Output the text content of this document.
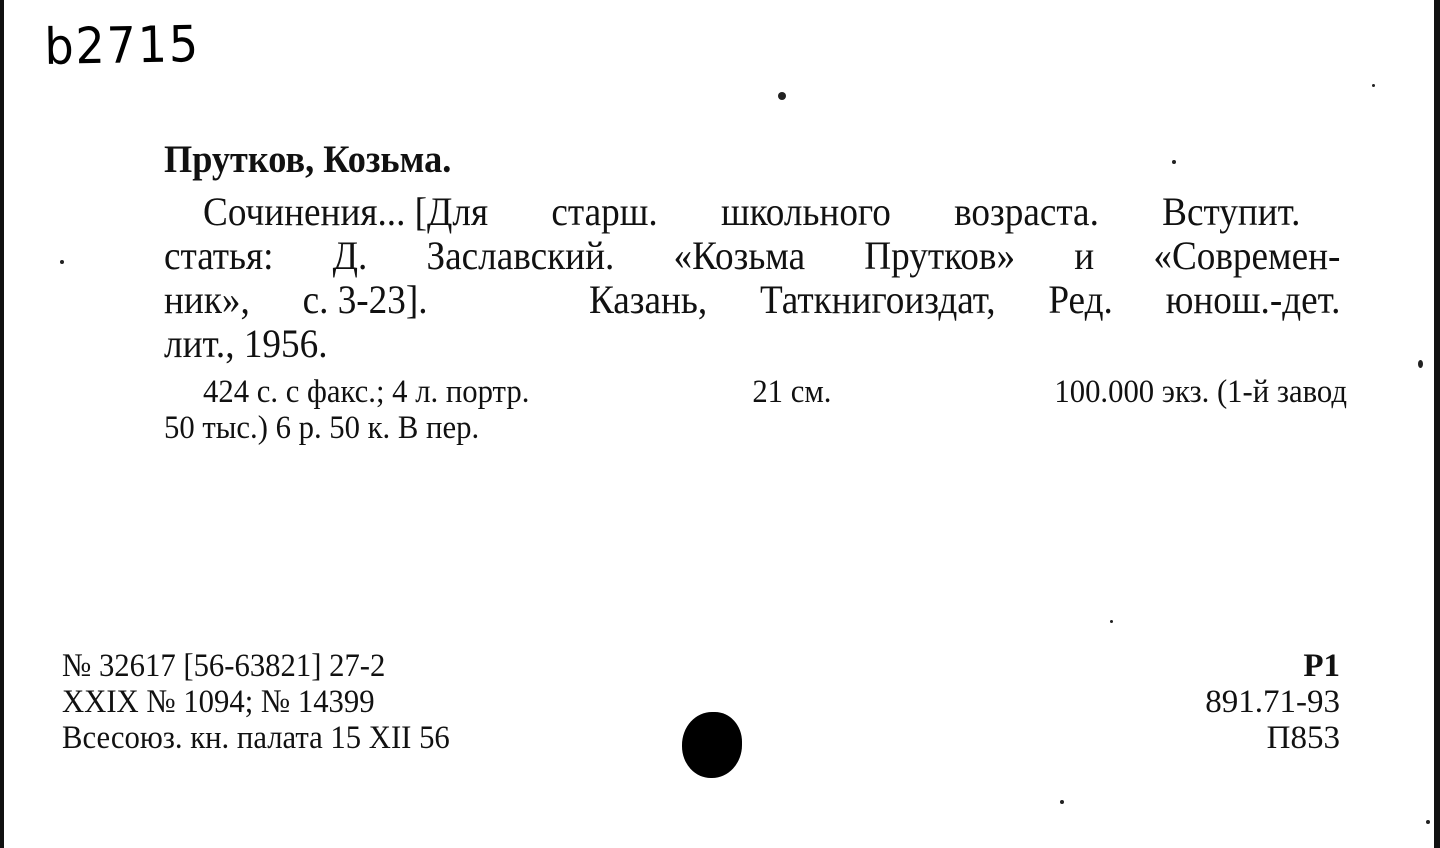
b2715
Прутков, Козьма.
Сочинения... [Для старш. школьного возраста. Вступит.
статья: Д. Заславский. «Козьма Прутков» и «Современ-
ник», с. 3-23].	Казань, Таткнигоиздат, Ред. юнош.-дет.
лит., 1956.
424 с. с факс.; 4 л. портр.	21 см.	100.000 экз. (1-й завод
50 тыс.) 6 р. 50 к. В пер.
№ 32617 [56-63821] 27-2
XXIX № 1094; № 14399
Всесоюз. кн. палата 15 XII 56
P1
891.71-93
П853
